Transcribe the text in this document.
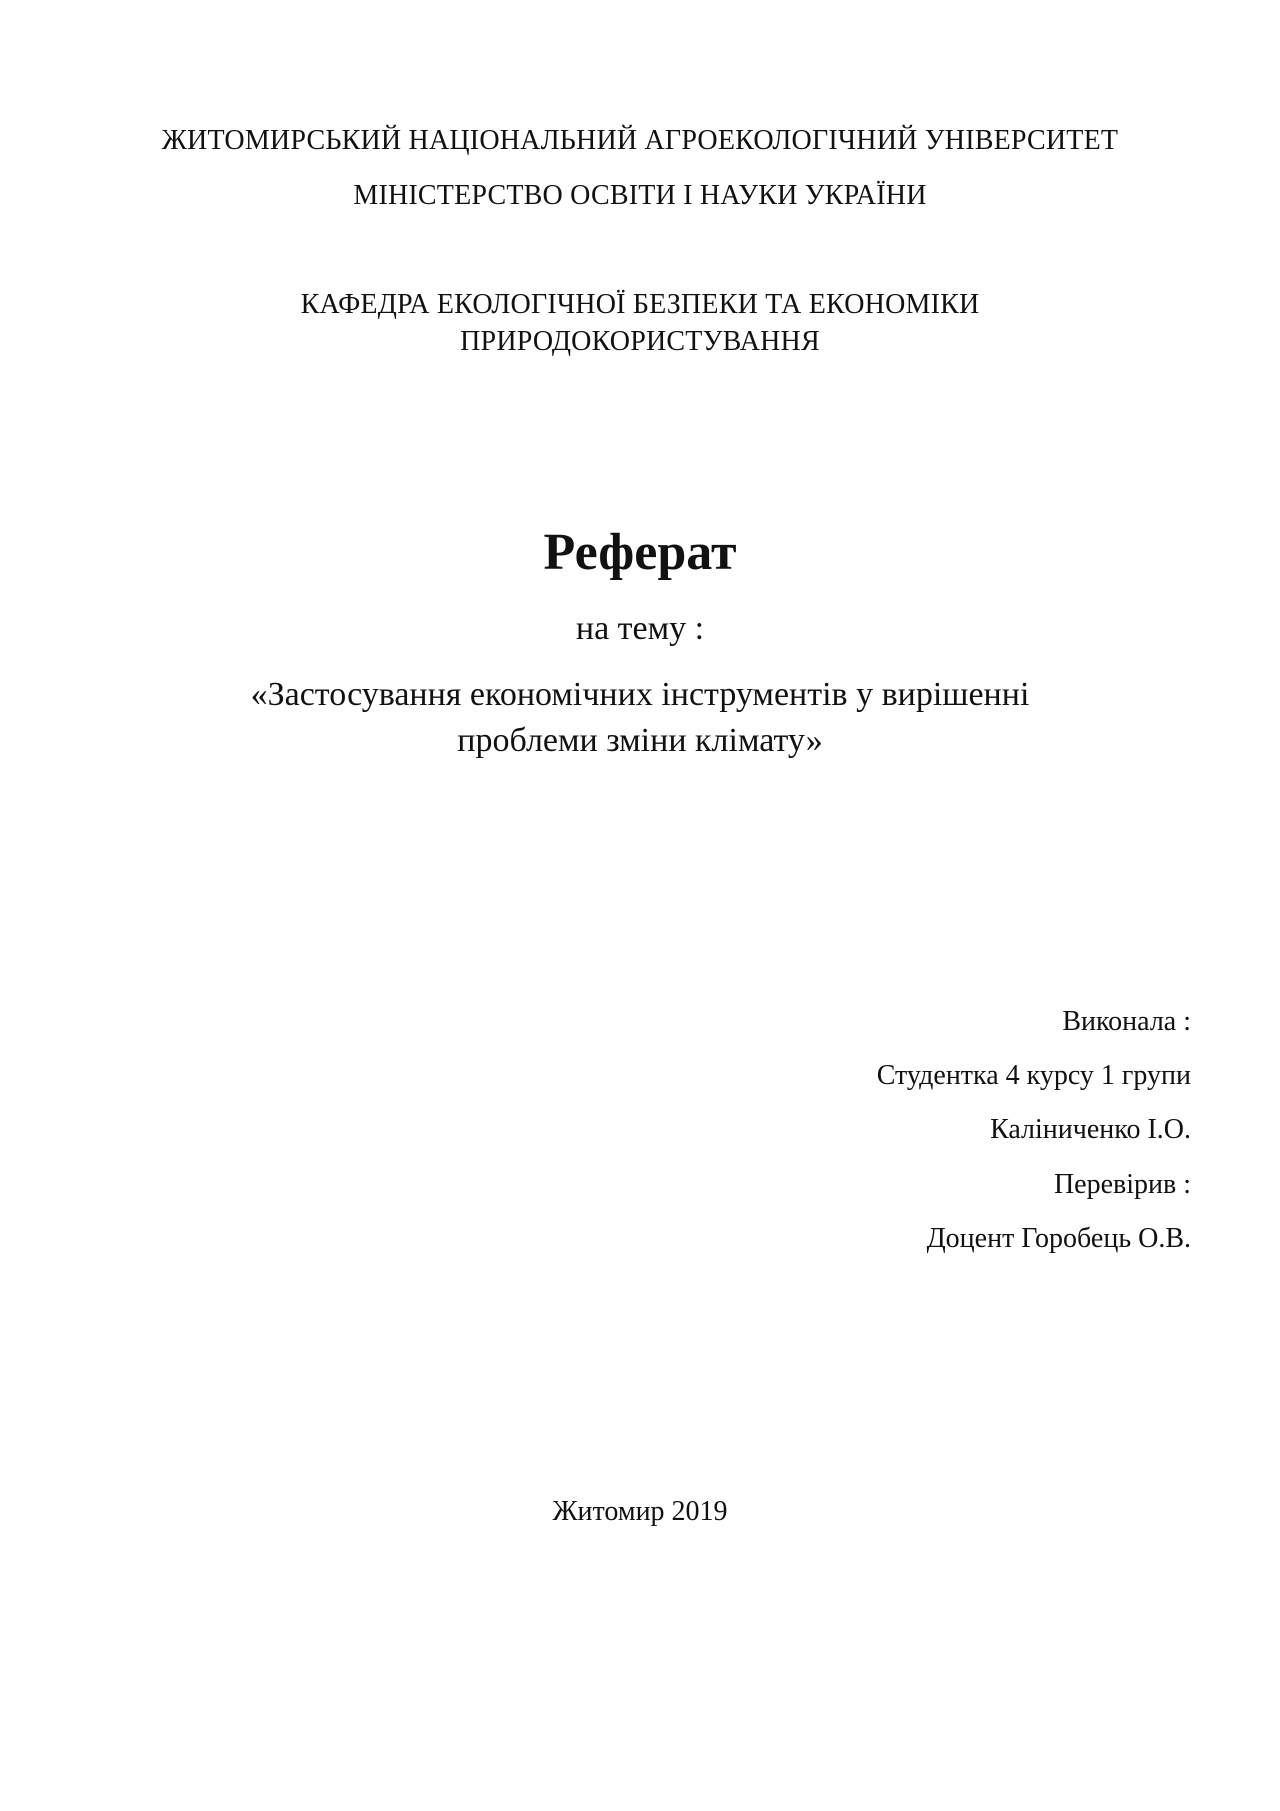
ЖИТОМИРСЬКИЙ НАЦІОНАЛЬНИЙ АГРОЕКОЛОГІЧНИЙ УНІВЕРСИТЕТ
МІНІСТЕРСТВО ОСВІТИ І НАУКИ УКРАЇНИ
КАФЕДРА ЕКОЛОГІЧНОЇ БЕЗПЕКИ ТА ЕКОНОМІКИ
ПРИРОДОКОРИСТУВАННЯ
Реферат
на тему :
«Застосування економічних інструментів у вирішенні
проблеми зміни клімату»
Виконала :
Студентка 4 курсу 1 групи
Каліниченко І.О.
Перевірив :
Доцент Горобець О.В.
Житомир 2019
